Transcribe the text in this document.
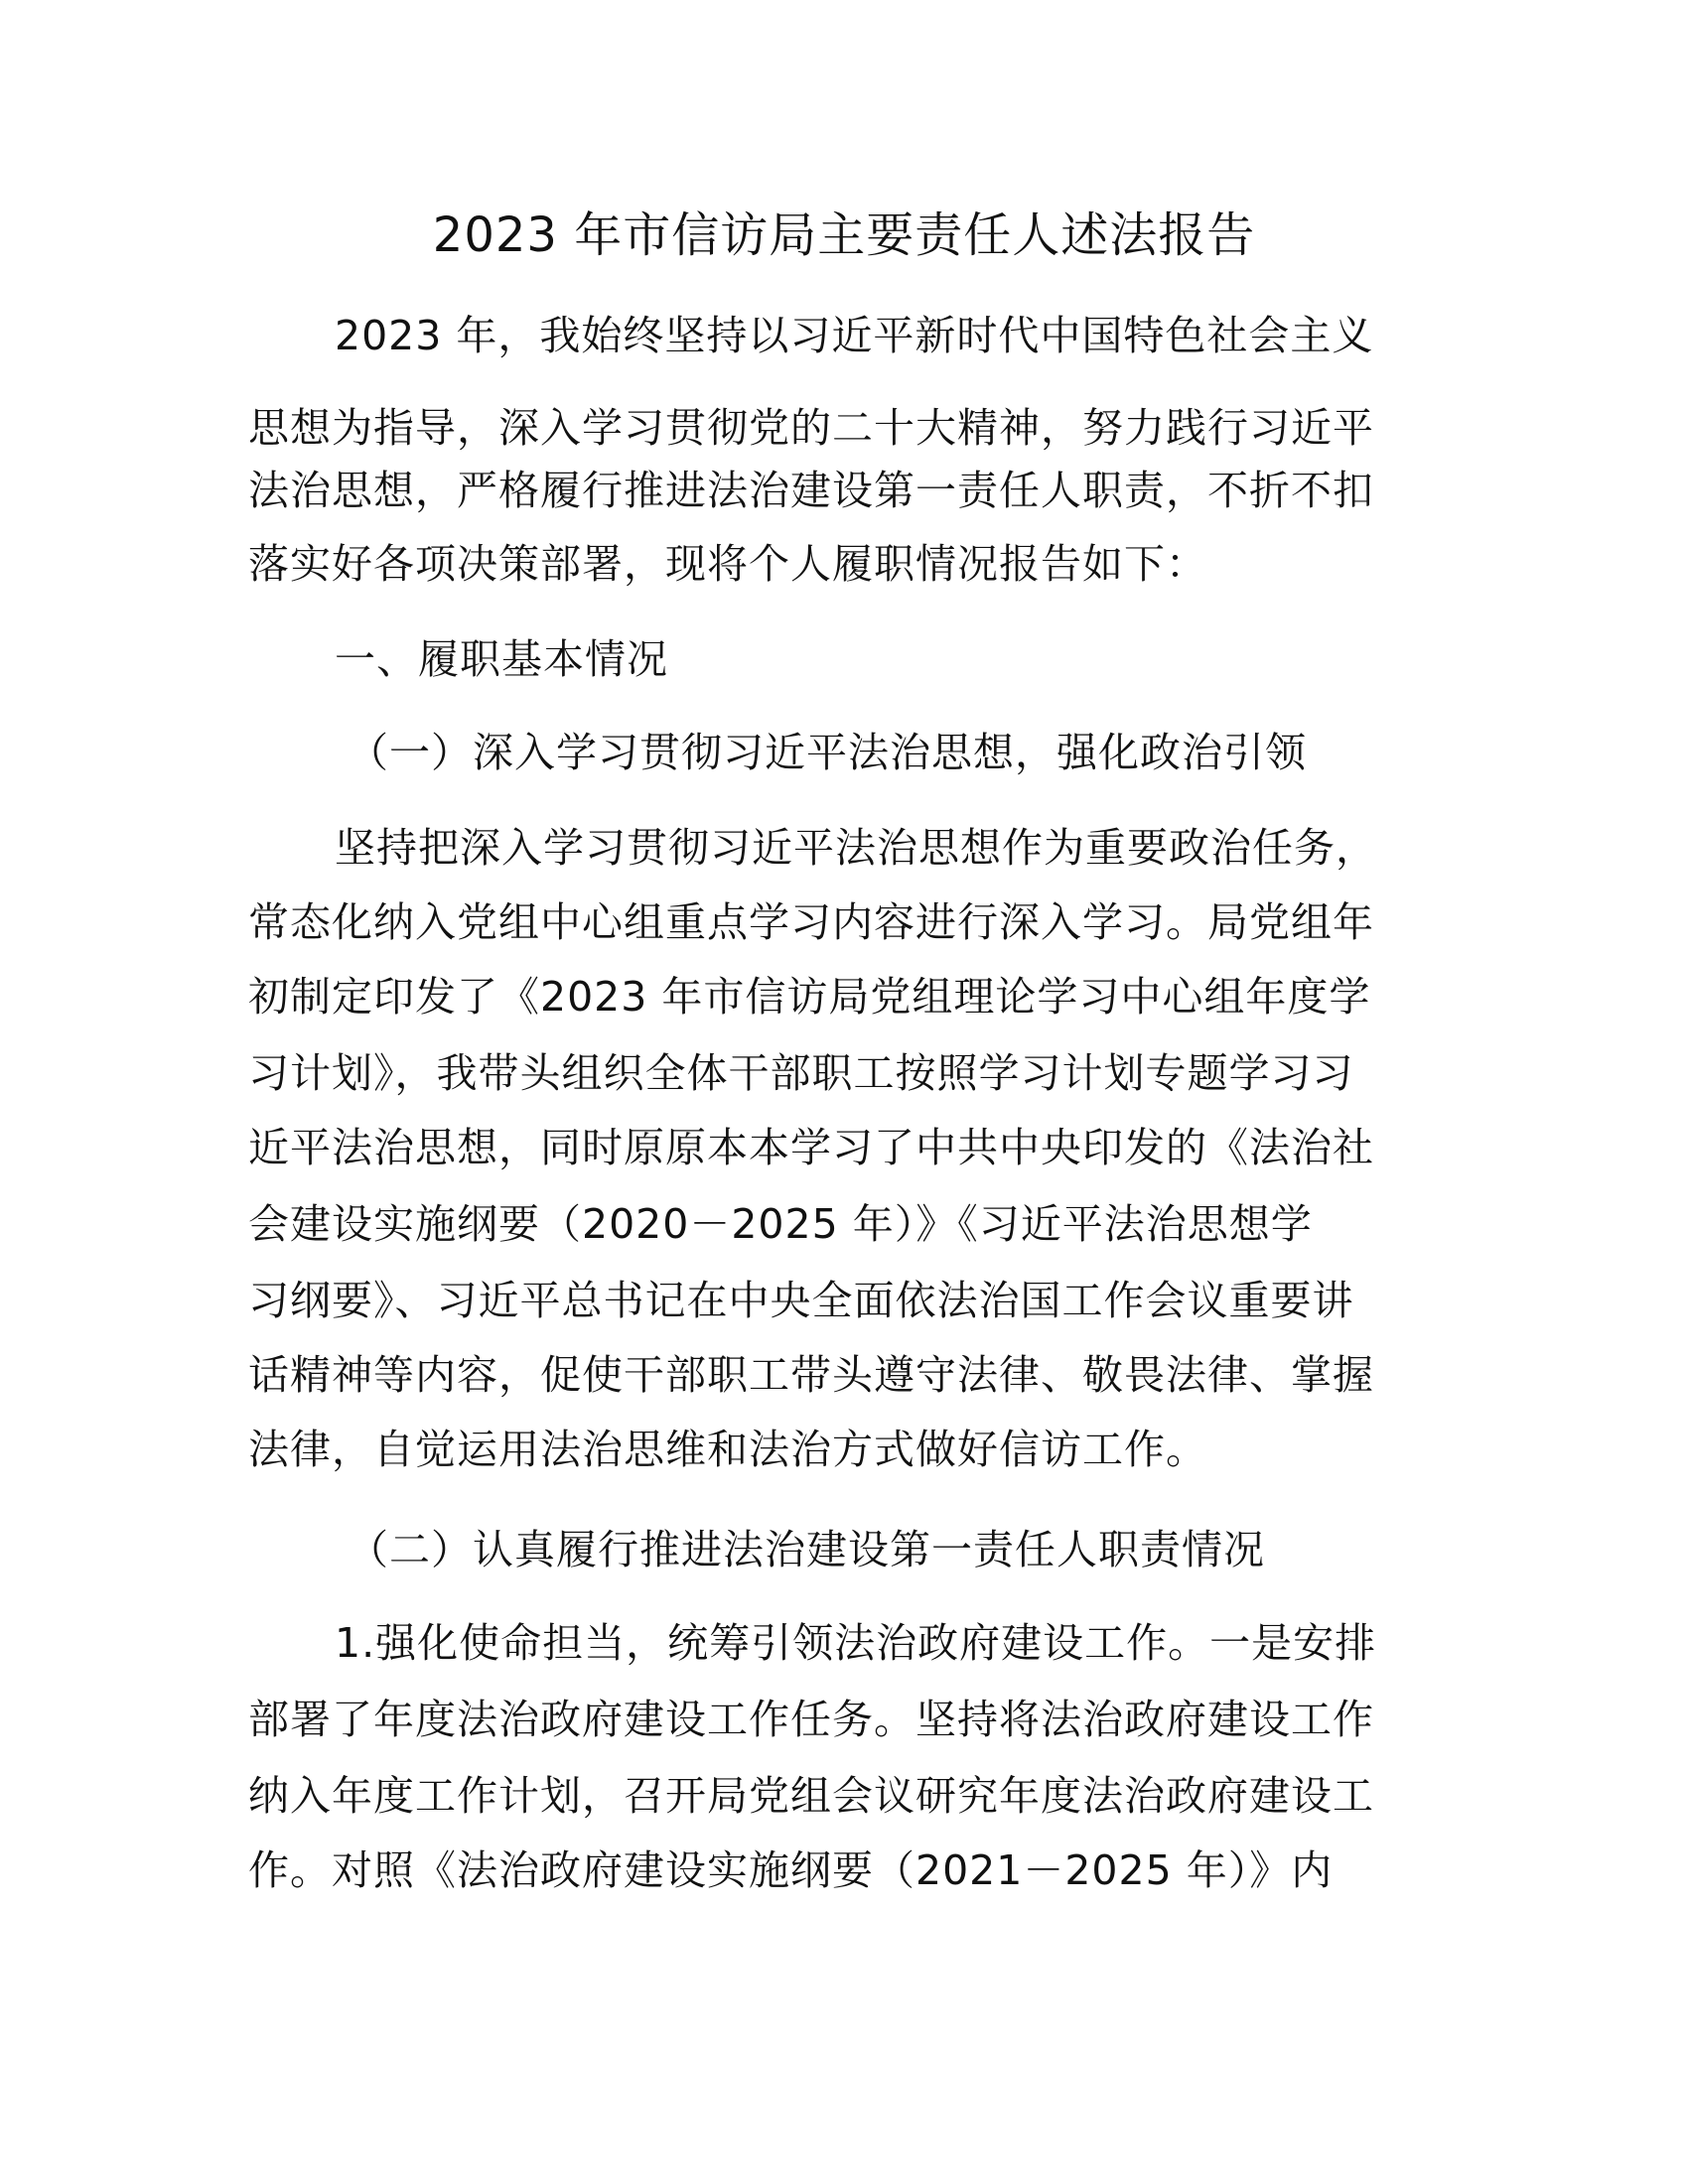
2023 年市信访局主要责任人述法报告

2023 年，我始终坚持以习近平新时代中国特色社会主义

思想为指导，深入学习贯彻党的二十大精神，努力践行习近平

法治思想，严格履行推进法治建设第一责任人职责，不折不扣

落实好各项决策部署，现将个人履职情况报告如下：

一、履职基本情况

（一）深入学习贯彻习近平法治思想，强化政治引领

坚持把深入学习贯彻习近平法治思想作为重要政治任务，

常态化纳入党组中心组重点学习内容进行深入学习。局党组年

初制定印发了《2023 年市信访局党组理论学习中心组年度学

习计划》，我带头组织全体干部职工按照学习计划专题学习习

近平法治思想，同时原原本本学习了中共中央印发的《法治社

会建设实施纲要（2020－2025 年）》《习近平法治思想学

习纲要》、习近平总书记在中央全面依法治国工作会议重要讲

话精神等内容，促使干部职工带头遵守法律、敬畏法律、掌握

法律，自觉运用法治思维和法治方式做好信访工作。

（二）认真履行推进法治建设第一责任人职责情况

1.强化使命担当，统筹引领法治政府建设工作。一是安排

部署了年度法治政府建设工作任务。坚持将法治政府建设工作

纳入年度工作计划，召开局党组会议研究年度法治政府建设工

作。对照《法治政府建设实施纲要（2021－2025 年）》内
